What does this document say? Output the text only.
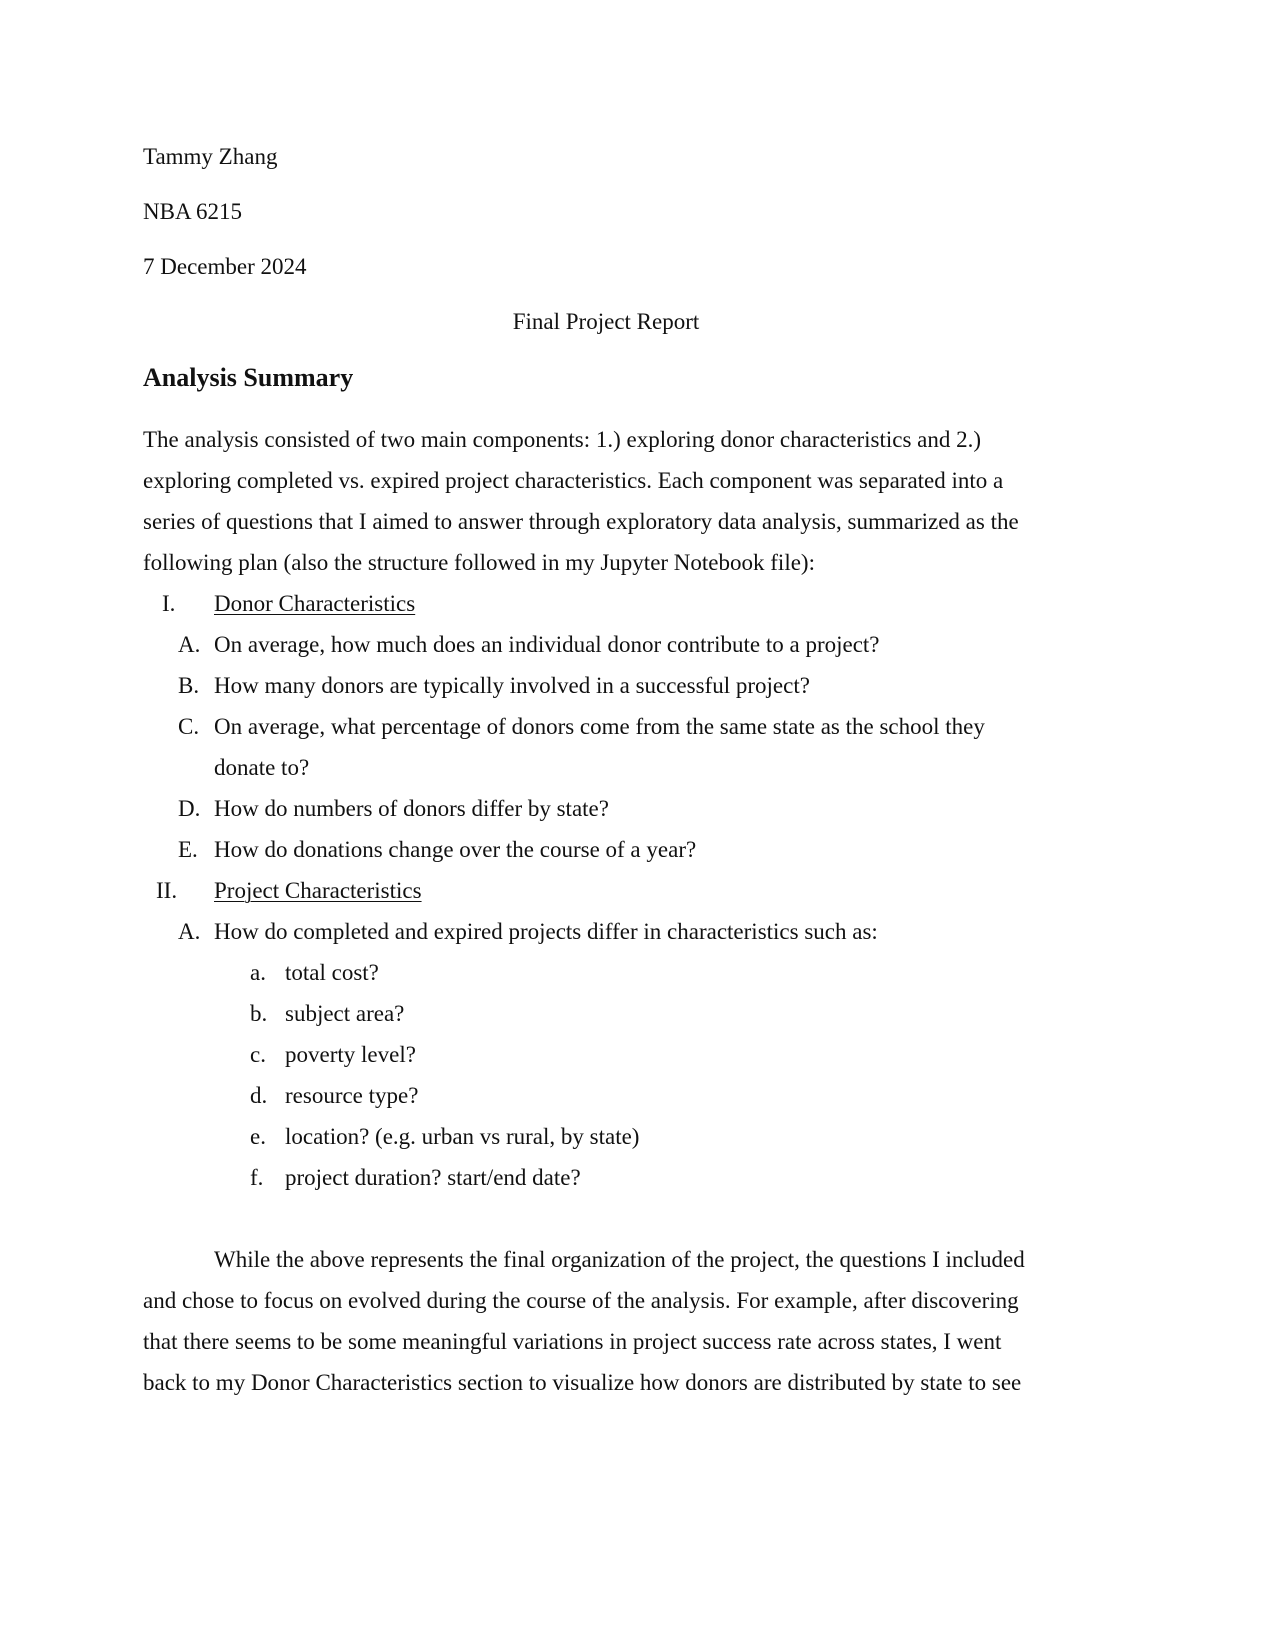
Tammy Zhang
NBA 6215
7 December 2024
Final Project Report
Analysis Summary
The analysis consisted of two main components: 1.) exploring donor characteristics and 2.)
exploring completed vs. expired project characteristics. Each component was separated into a
series of questions that I aimed to answer through exploratory data analysis, summarized as the
following plan (also the structure followed in my Jupyter Notebook file):
I. Donor Characteristics
A. On average, how much does an individual donor contribute to a project?
B. How many donors are typically involved in a successful project?
C. On average, what percentage of donors come from the same state as the school they
donate to?
D. How do numbers of donors differ by state?
E. How do donations change over the course of a year?
II. Project Characteristics
A. How do completed and expired projects differ in characteristics such as:
a. total cost?
b. subject area?
c. poverty level?
d. resource type?
e. location? (e.g. urban vs rural, by state)
f. project duration? start/end date?
While the above represents the final organization of the project, the questions I included
and chose to focus on evolved during the course of the analysis. For example, after discovering
that there seems to be some meaningful variations in project success rate across states, I went
back to my Donor Characteristics section to visualize how donors are distributed by state to see
